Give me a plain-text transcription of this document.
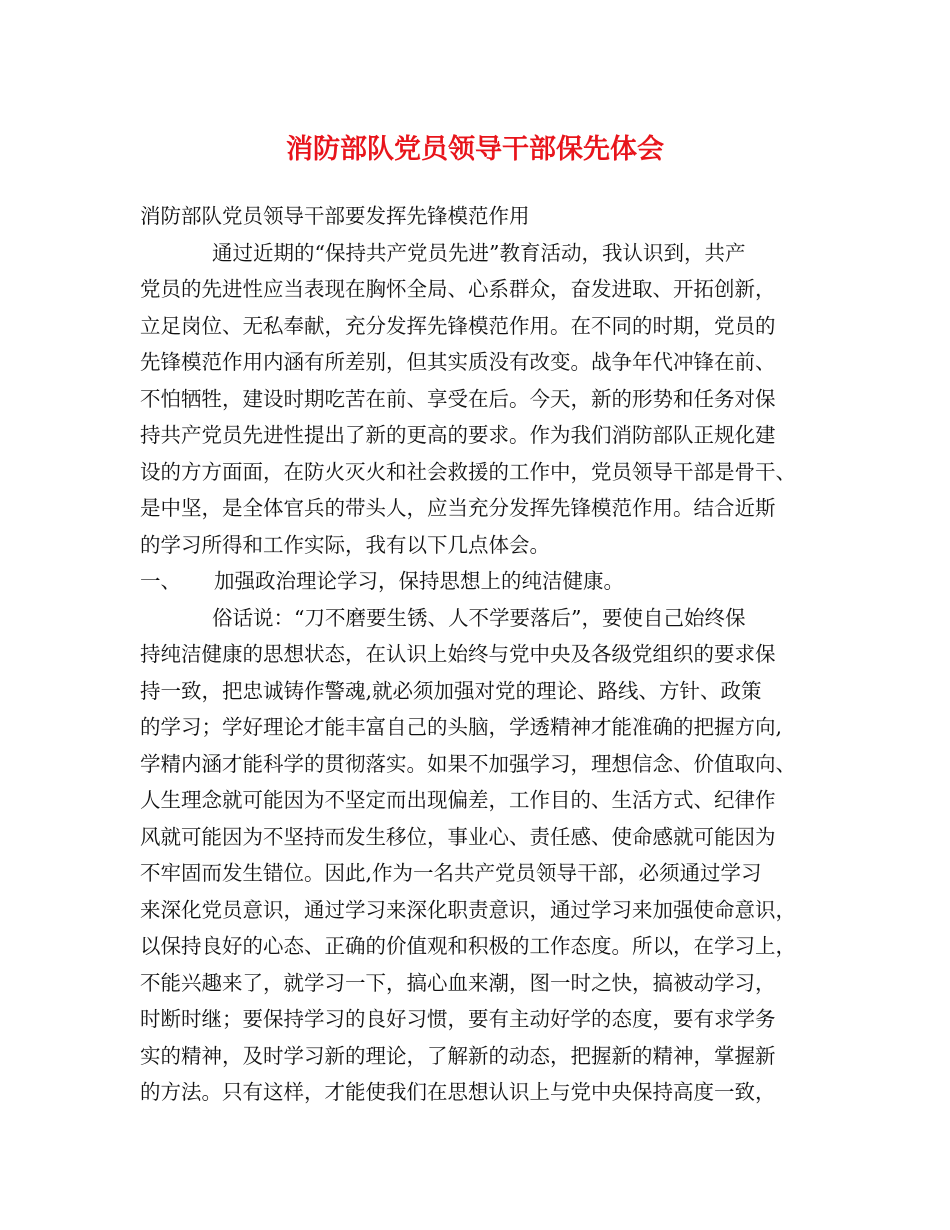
消防部队党员领导干部保先体会
消防部队党员领导干部要发挥先锋模范作用
通过近期的“保持共产党员先进”教育活动，我认识到，共产
党员的先进性应当表现在胸怀全局、心系群众，奋发进取、开拓创新，
立足岗位、无私奉献，充分发挥先锋模范作用。在不同的时期，党员的
先锋模范作用内涵有所差别，但其实质没有改变。战争年代冲锋在前、
不怕牺牲，建设时期吃苦在前、享受在后。今天，新的形势和任务对保
持共产党员先进性提出了新的更高的要求。作为我们消防部队正规化建
设的方方面面，在防火灭火和社会救援的工作中，党员领导干部是骨干、
是中坚，是全体官兵的带头人，应当充分发挥先锋模范作用。结合近斯
的学习所得和工作实际，我有以下几点体会。
一、 加强政治理论学习，保持思想上的纯洁健康。
俗话说：“刀不磨要生锈、人不学要落后”，要使自己始终保
持纯洁健康的思想状态，在认识上始终与党中央及各级党组织的要求保
持一致，把忠诚铸作警魂,就必须加强对党的理论、路线、方针、政策
的学习；学好理论才能丰富自己的头脑，学透精神才能准确的把握方向,
学精内涵才能科学的贯彻落实。如果不加强学习，理想信念、价值取向、
人生理念就可能因为不坚定而出现偏差，工作目的、生活方式、纪律作
风就可能因为不坚持而发生移位，事业心、责任感、使命感就可能因为
不牢固而发生错位。因此,作为一名共产党员领导干部，必须通过学习
来深化党员意识，通过学习来深化职责意识，通过学习来加强使命意识，
以保持良好的心态、正确的价值观和积极的工作态度。所以，在学习上，
不能兴趣来了，就学习一下，搞心血来潮，图一时之快，搞被动学习，
时断时继；要保持学习的良好习惯，要有主动好学的态度，要有求学务
实的精神，及时学习新的理论，了解新的动态，把握新的精神，掌握新
的方法。只有这样，才能使我们在思想认识上与党中央保持高度一致，
